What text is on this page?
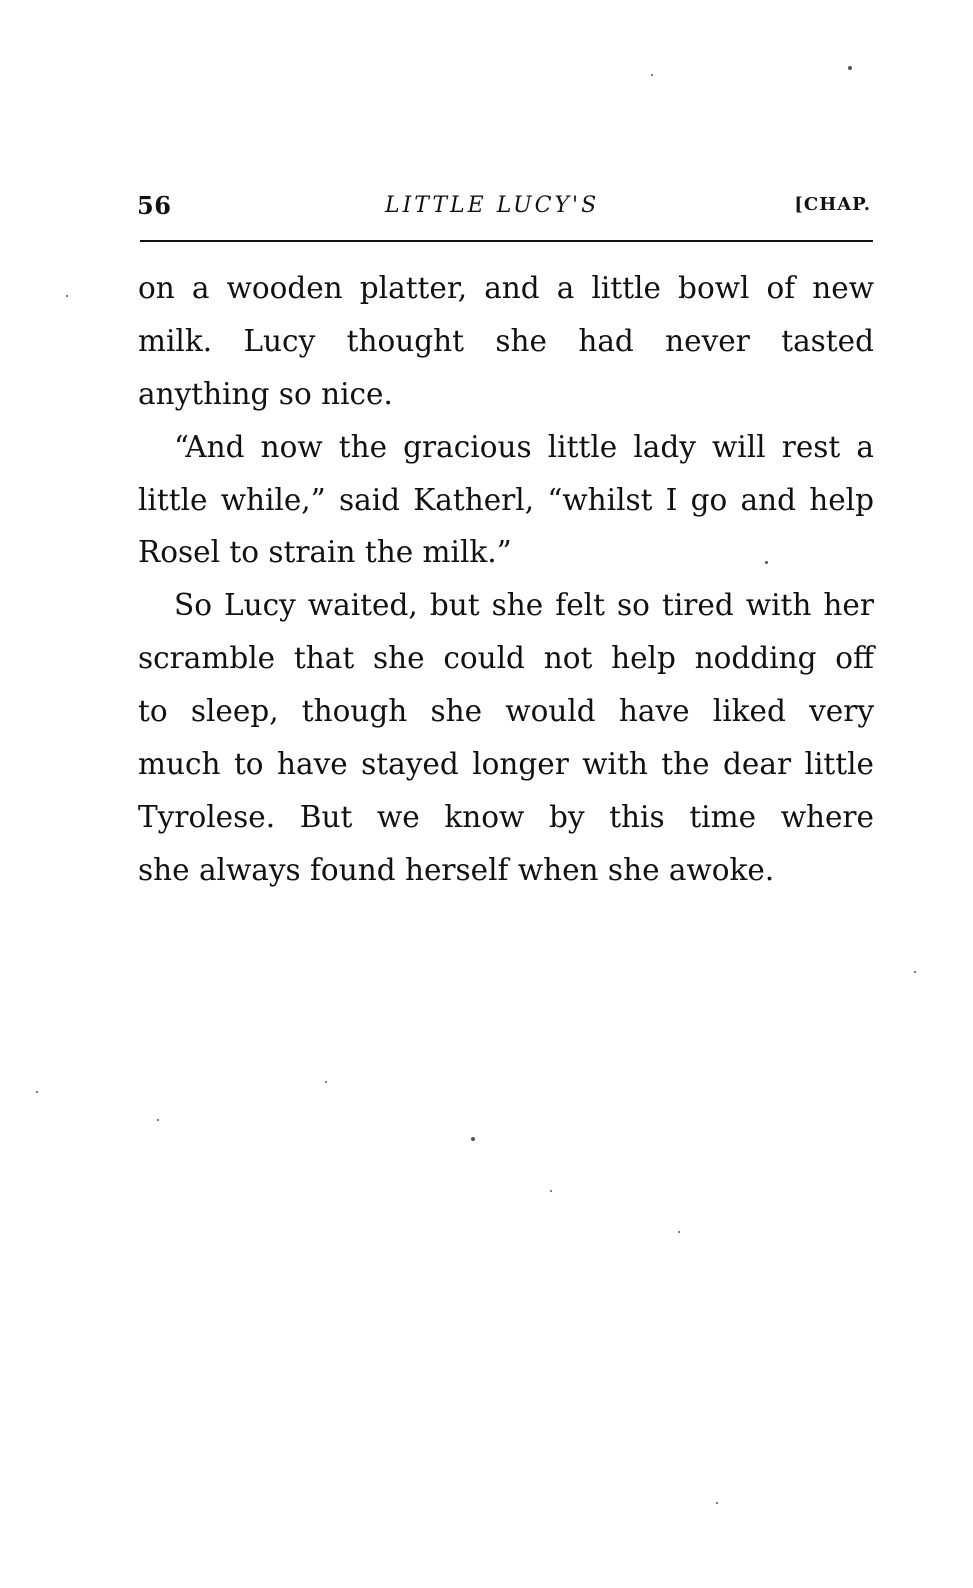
56	LITTLE LUCY'S	[CHAP.
on a wooden platter, and a little bowl of new
milk. Lucy thought she had never tasted
anything so nice.
“And now the gracious little lady will rest a
little while,” said Katherl, “whilst I go and help
Rosel to strain the milk.”
So Lucy waited, but she felt so tired with her
scramble that she could not help nodding off
to sleep, though she would have liked very
much to have stayed longer with the dear little
Tyrolese. But we know by this time where
she always found herself when she awoke.
